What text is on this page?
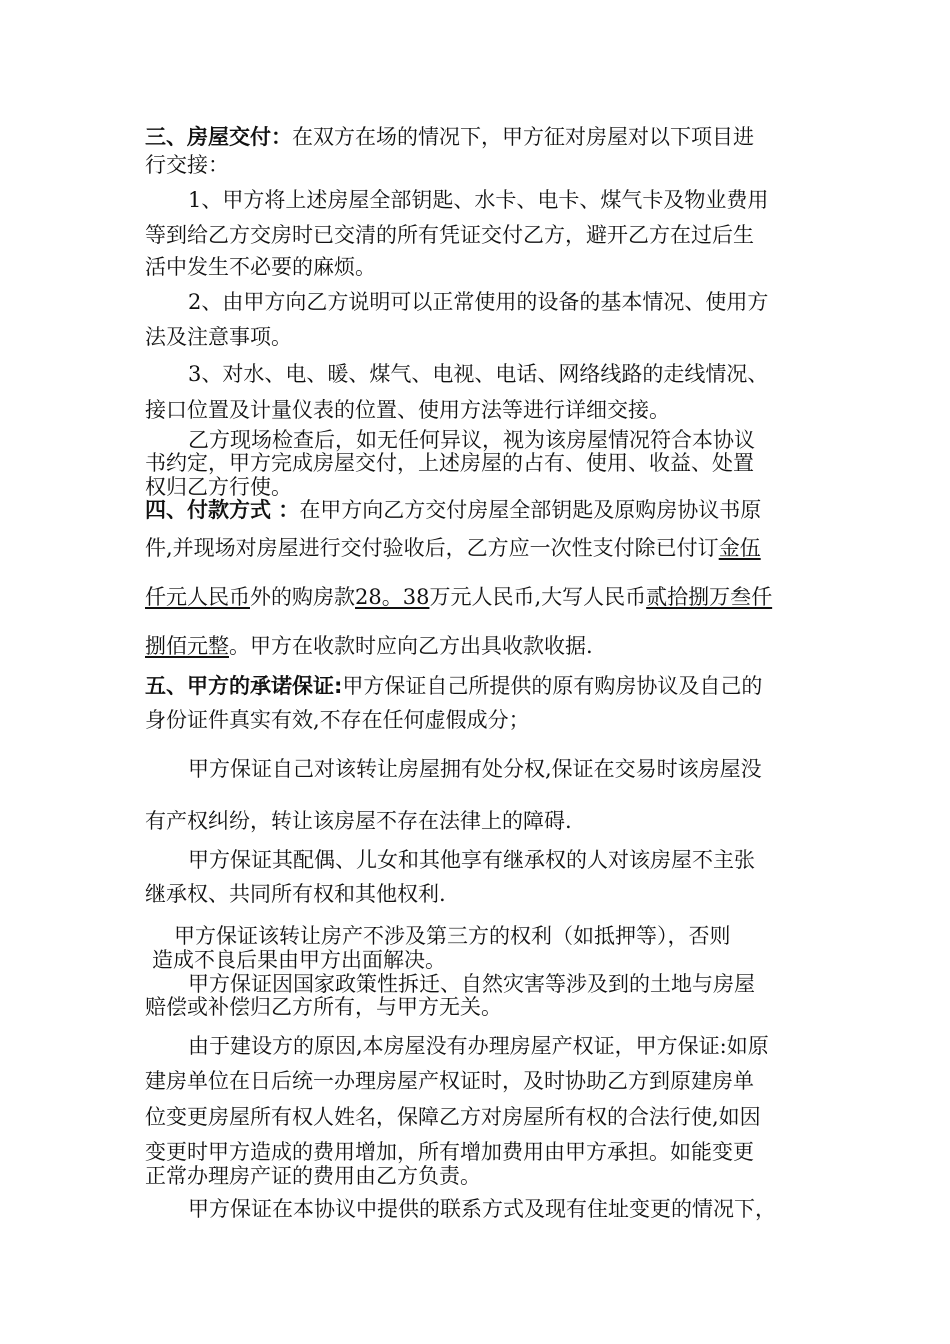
三、房屋交付：在双方在场的情况下，甲方征对房屋对以下项目进
行交接：
1、甲方将上述房屋全部钥匙、水卡、电卡、煤气卡及物业费用
等到给乙方交房时已交清的所有凭证交付乙方，避开乙方在过后生
活中发生不必要的麻烦。
2、由甲方向乙方说明可以正常使用的设备的基本情况、使用方
法及注意事项。
3、对水、电、暖、煤气、电视、电话、网络线路的走线情况、
接口位置及计量仪表的位置、使用方法等进行详细交接。
乙方现场检查后，如无任何异议，视为该房屋情况符合本协议
书约定，甲方完成房屋交付，上述房屋的占有、使用、收益、处置
权归乙方行使。
四、付款方式 ：在甲方向乙方交付房屋全部钥匙及原购房协议书原
件,并现场对房屋进行交付验收后，乙方应一次性支付除已付订金伍
仟元人民币外的购房款28。38万元人民币,大写人民币贰拾捌万叁仟
捌佰元整。甲方在收款时应向乙方出具收款收据.
五、甲方的承诺保证:甲方保证自己所提供的原有购房协议及自己的
身份证件真实有效,不存在任何虚假成分；
甲方保证自己对该转让房屋拥有处分权,保证在交易时该房屋没
有产权纠纷，转让该房屋不存在法律上的障碍.
甲方保证其配偶、儿女和其他享有继承权的人对该房屋不主张
继承权、共同所有权和其他权利.
甲方保证该转让房产不涉及第三方的权利（如抵押等），否则
造成不良后果由甲方出面解决。
甲方保证因国家政策性拆迁、自然灾害等涉及到的土地与房屋
赔偿或补偿归乙方所有，与甲方无关。
由于建设方的原因,本房屋没有办理房屋产权证，甲方保证:如原
建房单位在日后统一办理房屋产权证时，及时协助乙方到原建房单
位变更房屋所有权人姓名，保障乙方对房屋所有权的合法行使,如因
变更时甲方造成的费用增加，所有增加费用由甲方承担。如能变更
正常办理房产证的费用由乙方负责。
甲方保证在本协议中提供的联系方式及现有住址变更的情况下，
